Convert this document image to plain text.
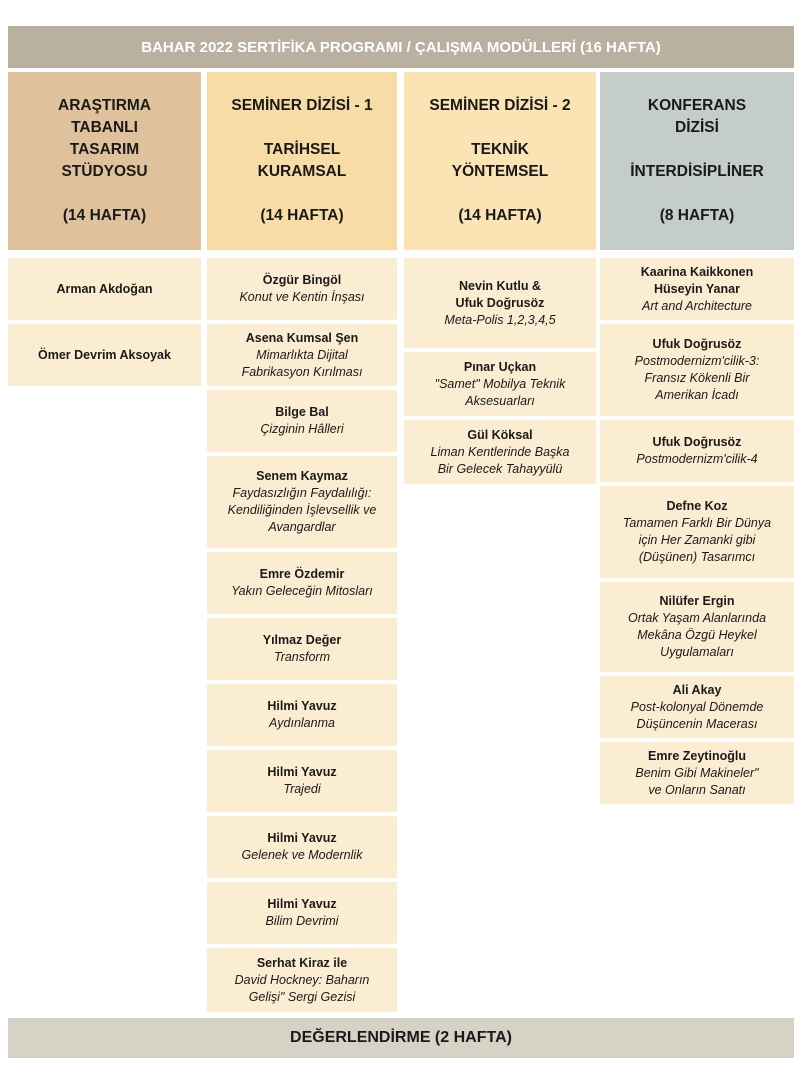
BAHAR 2022 SERTİFİKA PROGRAMI / ÇALIŞMA MODÜLLERİ (16 HAFTA)
ARAŞTIRMA
TABANLI
TASARIM
STÜDYOSU
(14 HAFTA)
Arman Akdoğan
Ömer Devrim Aksoyak
SEMİNER DİZİSİ - 1
TARİHSEL
KURAMSAL
(14 HAFTA)
Özgür Bingöl
Konut ve Kentin İnşası
Asena Kumsal Şen
Mimarlıkta Dijital
Fabrikasyon Kırılması
Bilge Bal
Çizginin Hâlleri
Senem Kaymaz
Faydasızlığın Faydalılığı:
Kendiliğinden İşlevsellik ve
Avangardlar
Emre Özdemir
Yakın Geleceğin Mitosları
Yılmaz Değer
Transform
Hilmi Yavuz
Aydınlanma
Hilmi Yavuz
Trajedi
Hilmi Yavuz
Gelenek ve Modernlik
Hilmi Yavuz
Bilim Devrimi
Serhat Kiraz ile
David Hockney: Baharın
Gelişi" Sergi Gezisi
SEMİNER DİZİSİ - 2
TEKNİK
YÖNTEMSEL
(14 HAFTA)
Nevin Kutlu &
Ufuk Doğrusöz
Meta-Polis 1,2,3,4,5
Pınar Uçkan
"Samet" Mobilya Teknik
Aksesuarları
Gül Köksal
Liman Kentlerinde Başka
Bir Gelecek Tahayyülü
KONFERANS
DİZİSİ
İNTERDİSİPLİNER
(8 HAFTA)
Kaarina Kaikkonen
Hüseyin Yanar
Art and Architecture
Ufuk Doğrusöz
Postmodernizm'cilik-3:
Fransız Kökenli Bir
Amerikan İcadı
Ufuk Doğrusöz
Postmodernizm'cilik-4
Defne Koz
Tamamen Farklı Bir Dünya
için Her Zamanki gibi
(Düşünen) Tasarımcı
Nilüfer Ergin
Ortak Yaşam Alanlarında
Mekâna Özgü Heykel
Uygulamaları
Ali Akay
Post-kolonyal Dönemde
Düşüncenin Macerası
Emre Zeytinoğlu
Benim Gibi Makineler"
ve Onların Sanatı
DEĞERLENDİRME (2 HAFTA)
